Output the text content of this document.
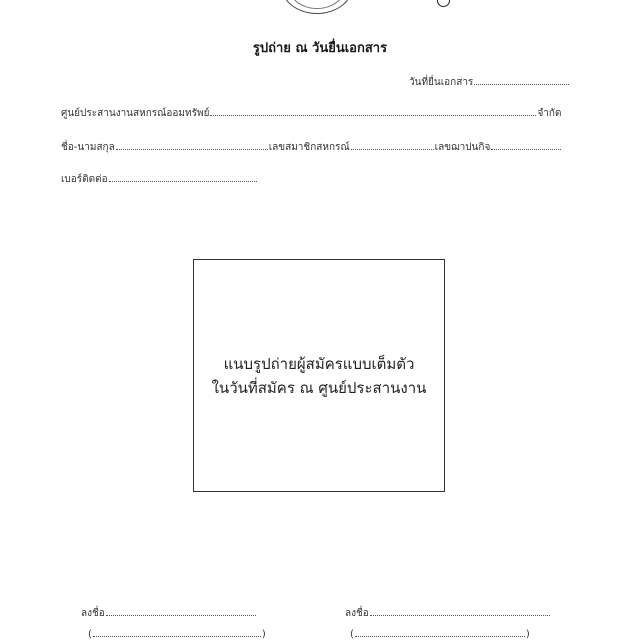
รูปถ่าย ณ วันยื่นเอกสาร
วันที่ยื่นเอกสาร
ศูนย์ประสานงานสหกรณ์ออมทรัพย์	จำกัด
ชื่อ-นามสกุล	เลขสมาชิกสหกรณ์	เลขฌาปนกิจ
เบอร์ติดต่อ
แนบรูปถ่ายผู้สมัครแบบเต็มตัว
ในวันที่สมัคร ณ ศูนย์ประสานงาน
ลงชื่อ	ลงชื่อ
(	)	(	)
